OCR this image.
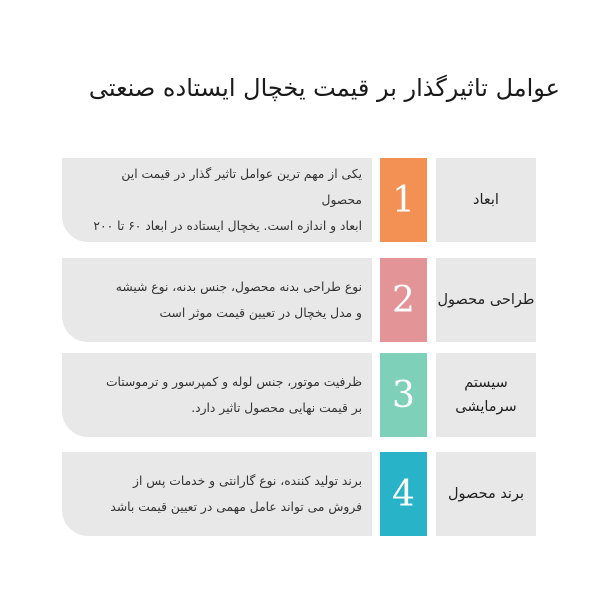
عوامل تاثیرگذار بر قیمت یخچال ایستاده صنعتی
ابعاد
1
یکی از مهم ترین عوامل تاثیر گذار در قیمت این محصول
ابعاد و اندازه است. یخچال ایستاده در ابعاد ۶۰ تا ۲۰۰
طراحی محصول
2
نوع طراحی بدنه محصول، جنس بدنه، نوع شیشه
و مدل یخچال در تعیین قیمت موثر است
سیستم
سرمایشی
3
ظرفیت موتور، جنس لوله و کمپرسور و ترموستات
بر قیمت نهایی محصول تاثیر دارد.
برند محصول
4
برند تولید کننده، نوع گارانتی و خدمات پس از
فروش می تواند عامل مهمی در تعیین قیمت باشد
